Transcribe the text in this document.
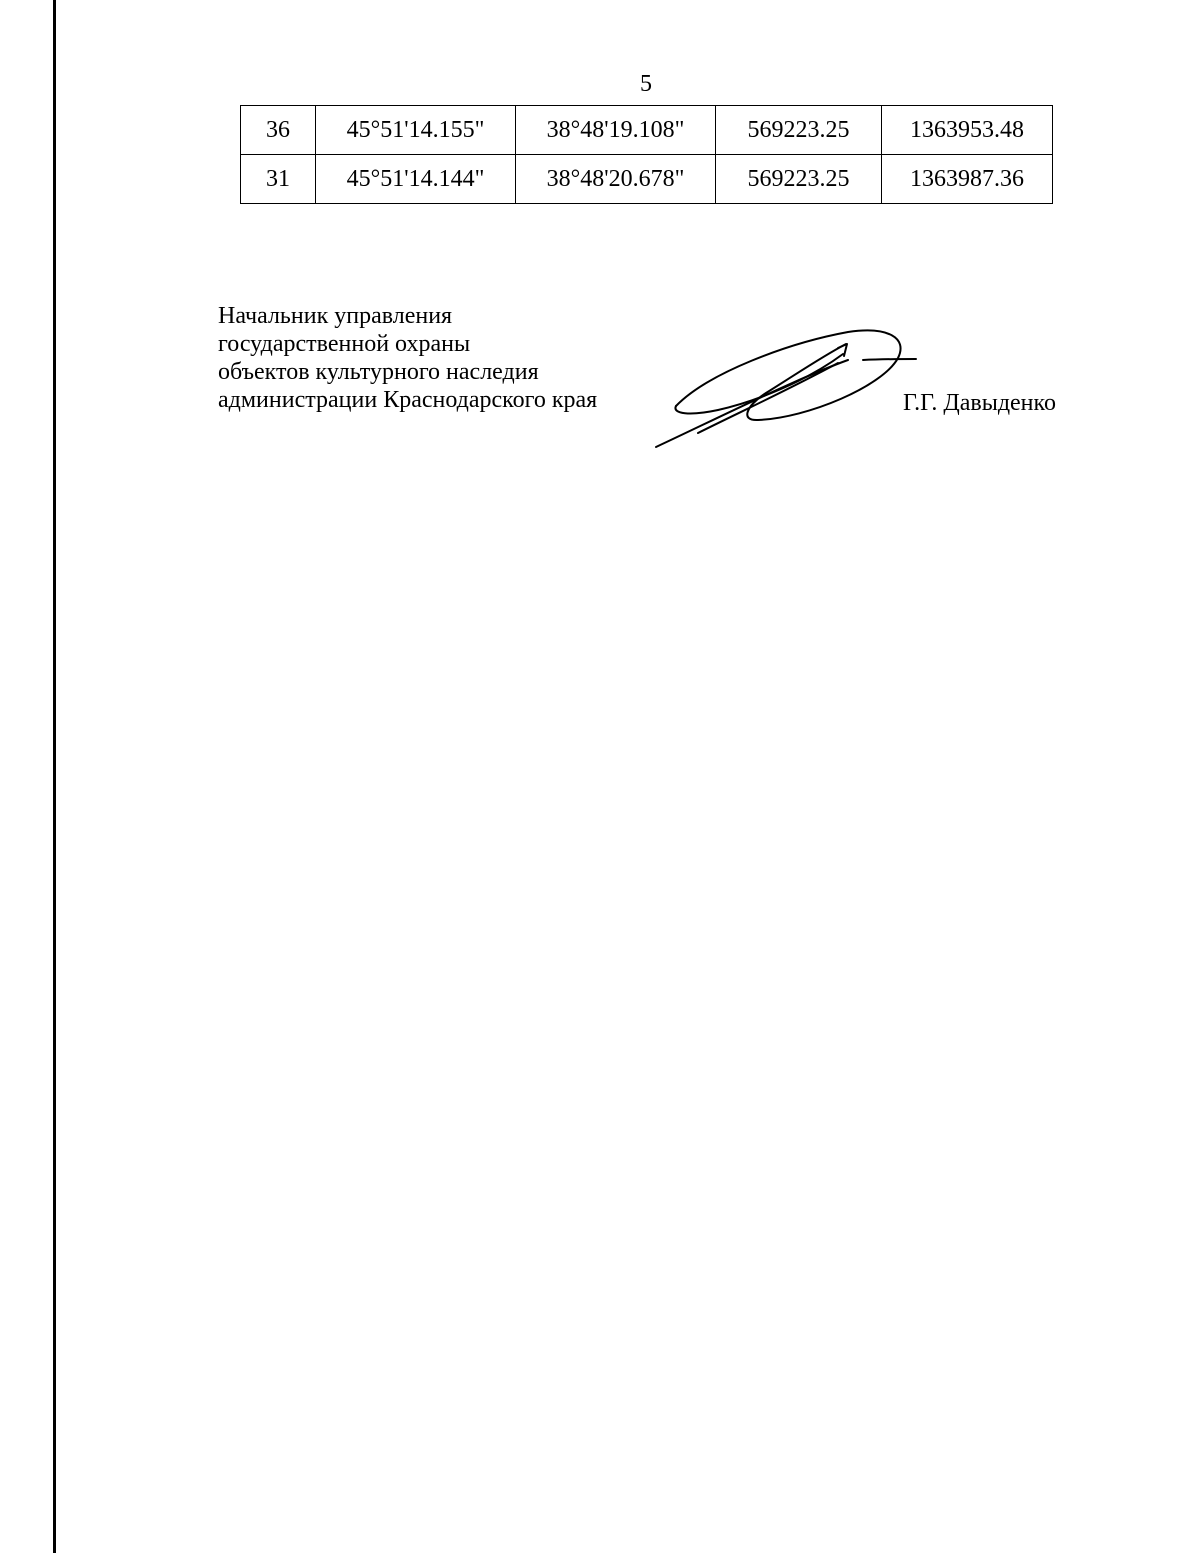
5
36	45°51'14.155"	38°48'19.108"	569223.25	1363953.48
31	45°51'14.144"	38°48'20.678"	569223.25	1363987.36
Начальник управления
государственной охраны
объектов культурного наследия
администрации Краснодарского края	Г.Г. Давыденко
